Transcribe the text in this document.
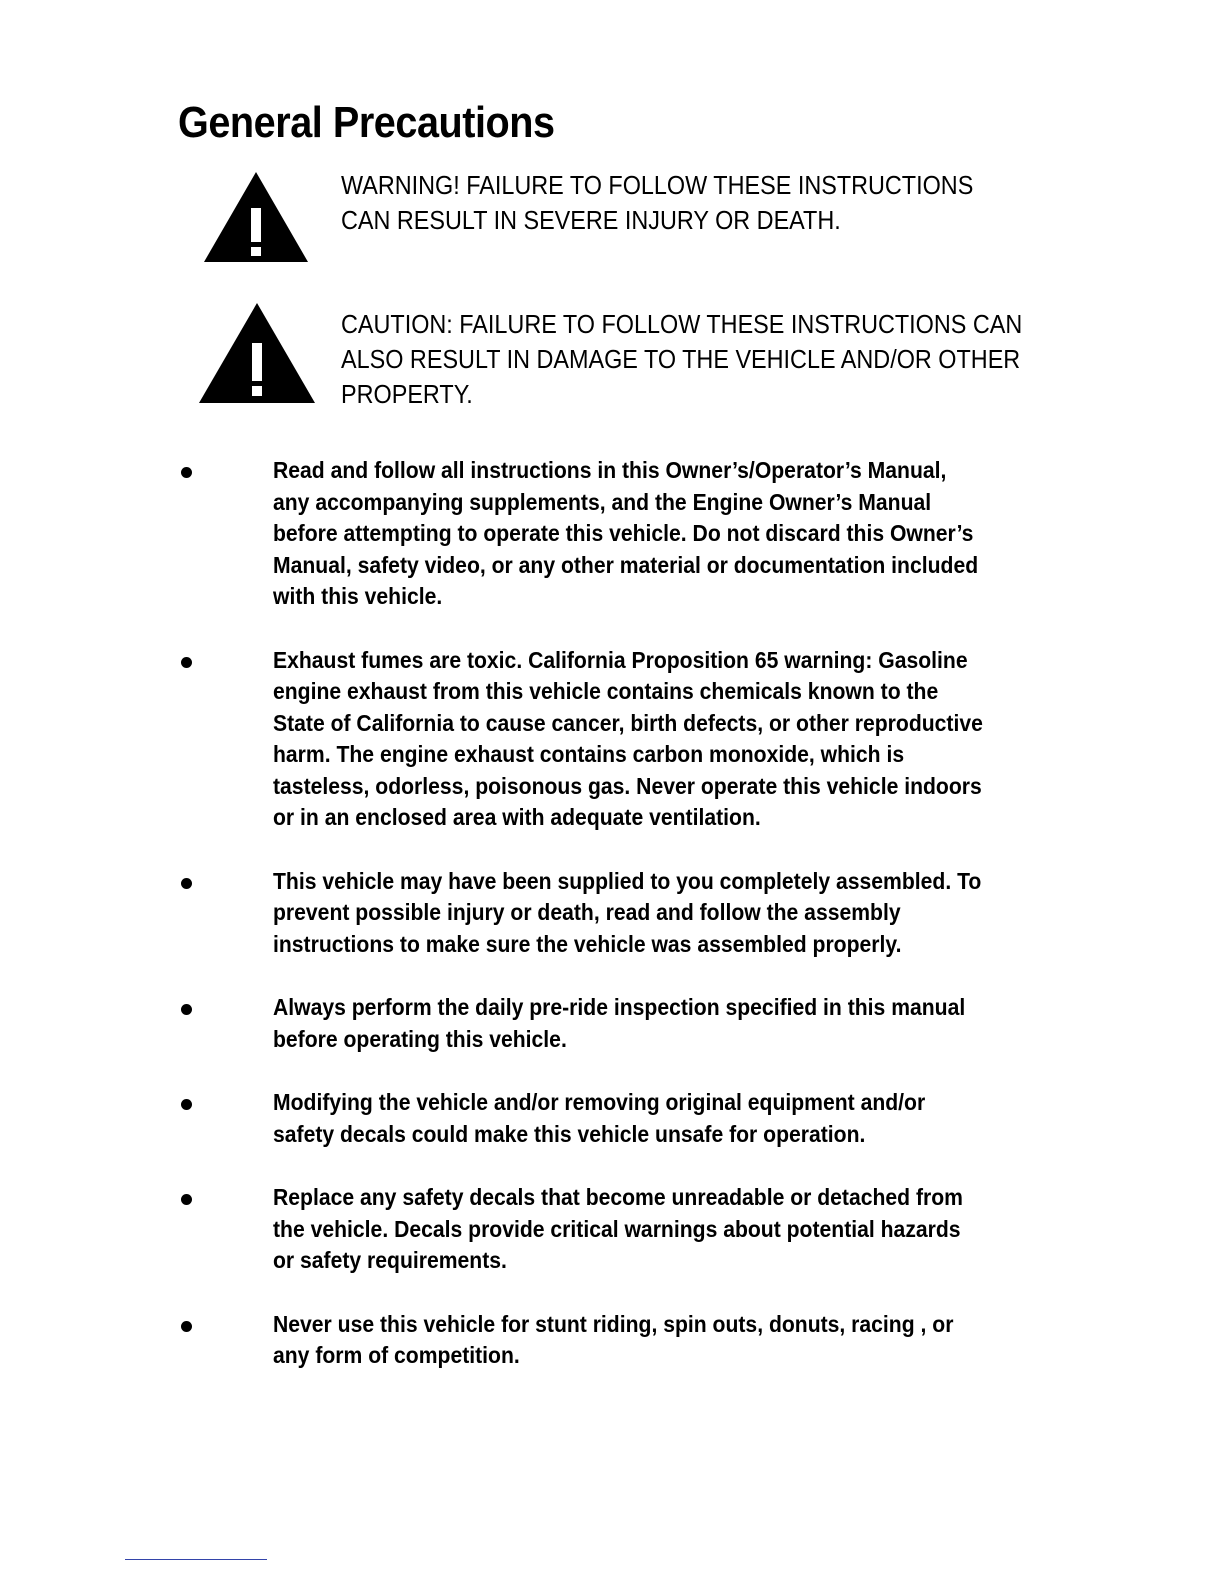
General Precautions
WARNING! FAILURE TO FOLLOW THESE INSTRUCTIONS CAN RESULT IN SEVERE INJURY OR DEATH.
CAUTION: FAILURE TO FOLLOW THESE INSTRUCTIONS CAN ALSO RESULT IN DAMAGE TO THE VEHICLE AND/OR OTHER PROPERTY.
Read and follow all instructions in this Owner’s/Operator’s Manual, any accompanying supplements, and the Engine Owner’s Manual before attempting to operate this vehicle. Do not discard this Owner’s Manual, safety video, or any other material or documentation included with this vehicle.
Exhaust fumes are toxic. California Proposition 65 warning: Gasoline engine exhaust from this vehicle contains chemicals known to the State of California to cause cancer, birth defects, or other reproductive harm. The engine exhaust contains carbon monoxide, which is tasteless, odorless, poisonous gas. Never operate this vehicle indoors or in an enclosed area with adequate ventilation.
This vehicle may have been supplied to you completely assembled. To prevent possible injury or death, read and follow the assembly instructions to make sure the vehicle was assembled properly.
Always perform the daily pre-ride inspection specified in this manual before operating this vehicle.
Modifying the vehicle and/or removing original equipment and/or safety decals could make this vehicle unsafe for operation.
Replace any safety decals that become unreadable or detached from the vehicle. Decals provide critical warnings about potential hazards or safety requirements.
Never use this vehicle for stunt riding, spin outs, donuts, racing , or any form of competition.
